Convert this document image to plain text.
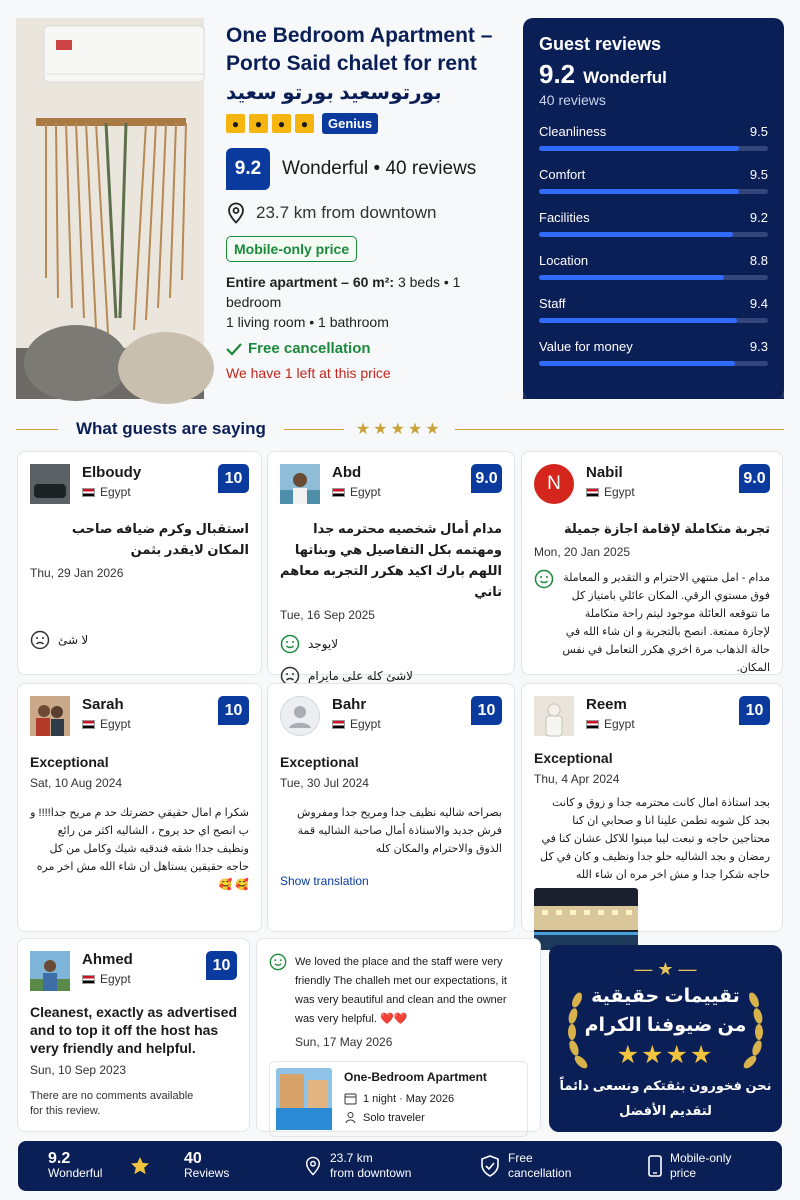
One Bedroom Apartment – Porto Said chalet for rent
بورتوسعيد بورتو سعيد
●	●	●	●	Genius
9.2	Wonderful • 40 reviews
23.7 km from downtown
Mobile-only price
Entire apartment – 60 m²: 3 beds • 1 bedroom
1 living room • 1 bathroom
Free cancellation
We have 1 left at this price
Guest reviews
9.2 Wonderful
40 reviews
Cleanliness	9.5
Comfort	9.5
Facilities	9.2
Location	8.8
Staff	9.4
Value for money	9.3
What guests are saying	★★★★★
Elboudy
Egypt
10
استقبال وكرم ضيافه صاحب المكان لايقدر بثمن
Thu, 29 Jan 2026
لا شئ
Abd
Egypt
9.0
مدام أمال شخصيه محترمه جدا ومهتمه بكل التفاصيل هي وبناتها اللهم بارك اكيد هكرر التجربه معاهم تاني
Tue, 16 Sep 2025
لايوجد
لاشئ كله على مايرام
N
Nabil
Egypt
9.0
تجربة متكاملة لإقامة اجازة جميلة
Mon, 20 Jan 2025
مدام - امل منتهي الاحترام و التقدير و المعاملة فوق مستوي الرقي. المكان عائلي بامتياز كل ما تتوقعه العائلة موجود ليتم راحة متكاملة لإجازة ممتعة. انصح بالتجربة و ان شاء الله في حالة الذهاب مرة اخري هكرر التعامل في نفس المكان.
Sarah
Egypt
10
Exceptional
Sat, 10 Aug 2024
شكرا م امال حقيقي حضرتك حد م مريح جدا!!!! و ب انصح اي حد يروح ، الشاليه اكثر من رائع ونظيف جدا! شقه فندقيه شيك وكامل من كل حاجه حقيقين يستاهل ان شاء الله مش اخر مره 🥰 🥰
Bahr
Egypt
10
Exceptional
Tue, 30 Jul 2024
بصراحه شاليه نظيف جدا ومريح جدا ومفروش فرش جديد والاستاذة أمال صاحبة الشاليه قمة الذوق والاحترام والمكان كله
Show translation
Reem
Egypt
10
Exceptional
Thu, 4 Apr 2024
بجد استاذة امال كانت محترمه جدا و زوق و كانت بجد كل شوبه تطمن علينا انا و صحابي ان كنا محتاجين حاجه و تبعت ليبا مينوا للاكل عشان كنا في رمضان و بجد الشاليه حلو جدا ونظيف و كان في كل حاجه شكرا جدا و مش اخر مره ان شاء الله
Ahmed
Egypt
10
Cleanest, exactly as advertised and to top it off the host has very friendly and helpful.
Sun, 10 Sep 2023
There are no comments available for this review.
We loved the place and the staff were very friendly The challeh met our expectations, it was very beautiful and clean and the owner was very helpful. ❤️❤️
Sun, 17 May 2026
One-Bedroom Apartment
1 night · May 2026
Solo traveler
— ★ —
تقييمات حقيقية
من ضيوفنا الكرام
★★★★
نحن فخورون بثقتكم ونسعى دائماً
لتقديم الأفضل
9.2
Wonderful
40
Reviews
23.7 km
from downtown
Free
cancellation
Mobile-only
price
